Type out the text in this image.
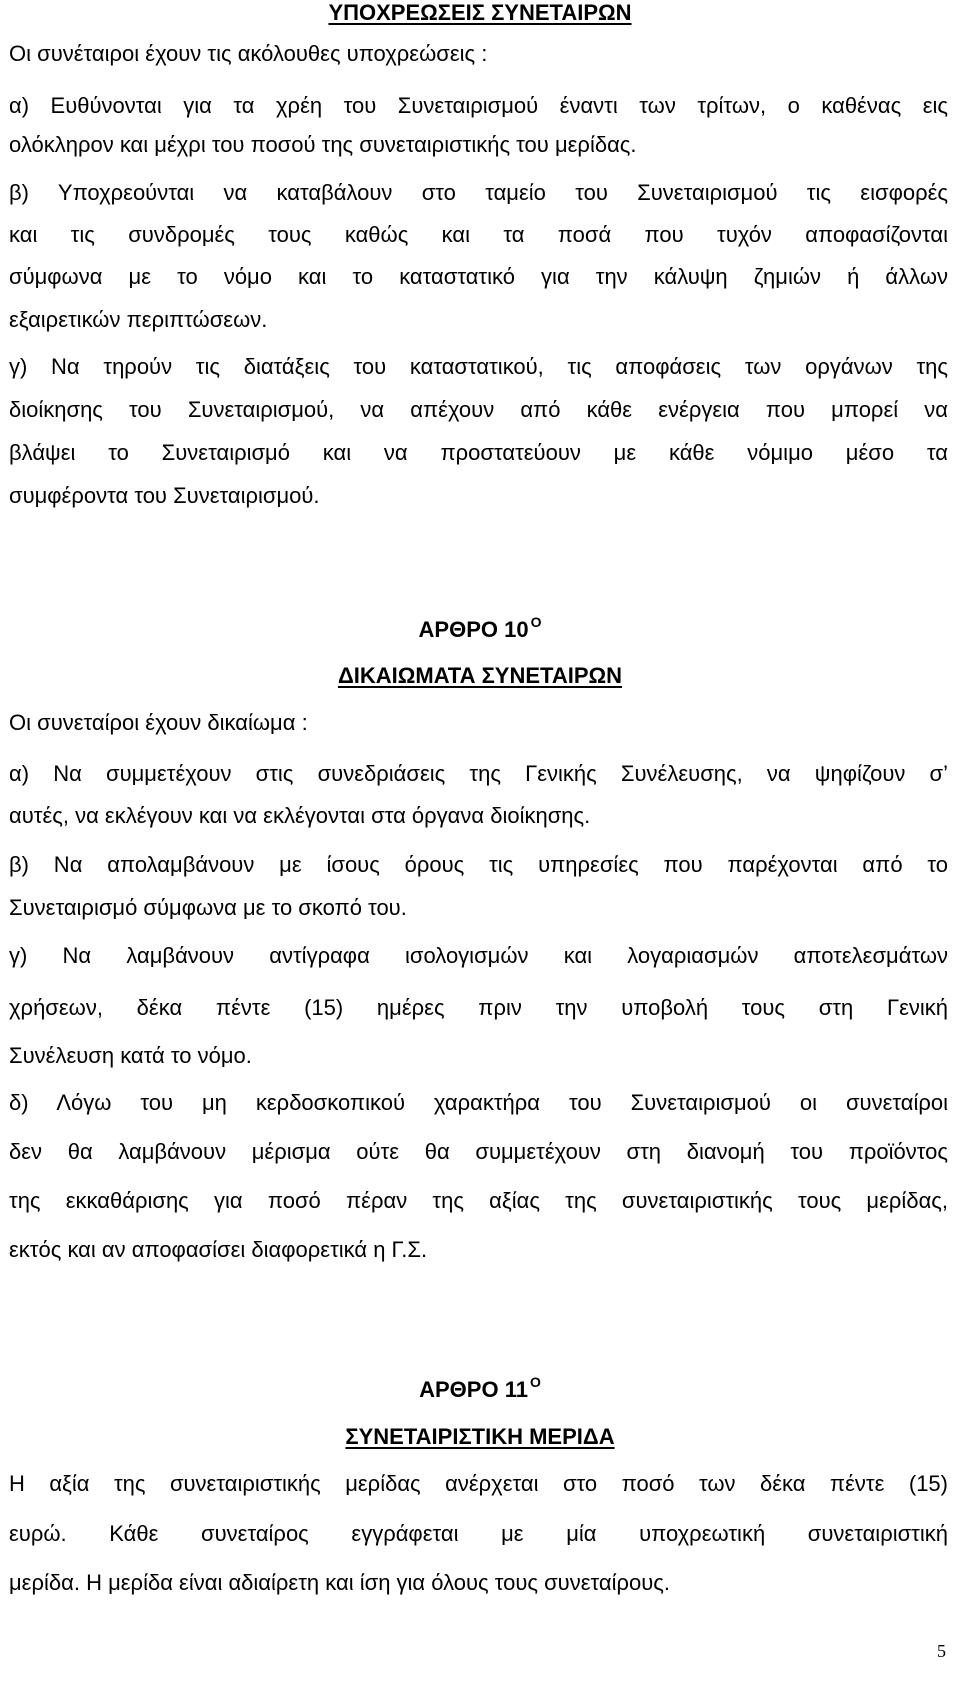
ΥΠΟΧΡΕΩΣΕΙΣ ΣΥΝΕΤΑΙΡΩΝ
Οι συνέταιροι έχουν τις ακόλουθες υποχρεώσεις :
α) Ευθύνονται για τα χρέη του Συνεταιρισμού έναντι των τρίτων, ο καθένας εις
ολόκληρον και μέχρι του ποσού της συνεταιριστικής του μερίδας.
β) Υποχρεούνται να καταβάλουν στο ταμείο του Συνεταιρισμού τις εισφορές
και τις συνδρομές τους καθώς και τα ποσά που τυχόν αποφασίζονται
σύμφωνα με το νόμο και το καταστατικό για την κάλυψη ζημιών ή άλλων
εξαιρετικών περιπτώσεων.
γ) Να τηρούν τις διατάξεις του καταστατικού, τις αποφάσεις των οργάνων της
διοίκησης του Συνεταιρισμού, να απέχουν από κάθε ενέργεια που μπορεί να
βλάψει το Συνεταιρισμό και να προστατεύουν με κάθε νόμιμο μέσο τα
συμφέροντα του Συνεταιρισμού.
ΑΡΘΡΟ 10 $^O$
ΔΙΚΑΙΩΜΑΤΑ ΣΥΝΕΤΑΙΡΩΝ
Οι συνεταίροι έχουν δικαίωμα :
α) Να συμμετέχουν στις συνεδριάσεις της Γενικής Συνέλευσης, να ψηφίζουν σ’
αυτές, να εκλέγουν και να εκλέγονται στα όργανα διοίκησης.
β) Να απολαμβάνουν με ίσους όρους τις υπηρεσίες που παρέχονται από το
Συνεταιρισμό σύμφωνα με το σκοπό του.
γ) Να λαμβάνουν αντίγραφα ισολογισμών και λογαριασμών αποτελεσμάτων
χρήσεων, δέκα πέντε (15) ημέρες πριν την υποβολή τους στη Γενική
Συνέλευση κατά το νόμο.
δ) Λόγω του μη κερδοσκοπικού χαρακτήρα του Συνεταιρισμού οι συνεταίροι
δεν θα λαμβάνουν μέρισμα ούτε θα συμμετέχουν στη διανομή του προϊόντος
της εκκαθάρισης για ποσό πέραν της αξίας της συνεταιριστικής τους μερίδας,
εκτός και αν αποφασίσει διαφορετικά η Γ.Σ.
ΑΡΘΡΟ 11 $^O$
ΣΥΝΕΤΑΙΡΙΣΤΙΚΗ ΜΕΡΙΔΑ
Η αξία της συνεταιριστικής μερίδας ανέρχεται στο ποσό των δέκα πέντε (15)
ευρώ. Κάθε συνεταίρος εγγράφεται με μία υποχρεωτική συνεταιριστική
μερίδα. Η μερίδα είναι αδιαίρετη και ίση για όλους τους συνεταίρους.
5
